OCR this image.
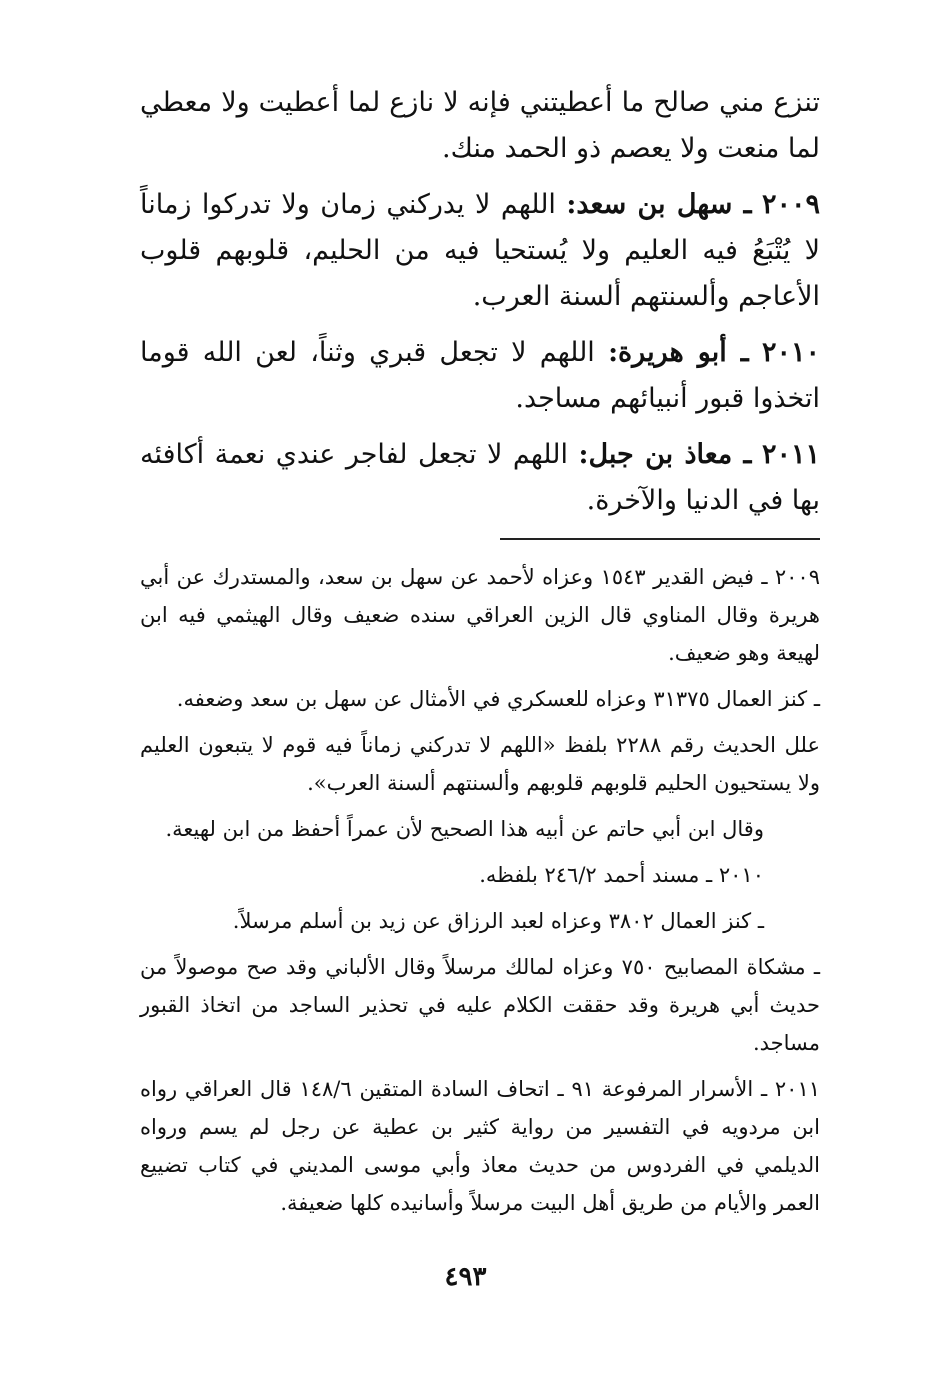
تنزع مني صالح ما أعطيتني فإنه لا نازع لما أعطيت ولا معطي لما منعت ولا يعصم ذو الحمد منك.

٢٠٠٩ ـ سهل بن سعد: اللهم لا يدركني زمان ولا تدركوا زماناً لا يُتْبَعُ فيه العليم ولا يُستحيا فيه من الحليم، قلوبهم قلوب الأعاجم وألسنتهم ألسنة العرب.

٢٠١٠ ـ أبو هريرة: اللهم لا تجعل قبري وثناً، لعن الله قوما اتخذوا قبور أنبيائهم مساجد.

٢٠١١ ـ معاذ بن جبل: اللهم لا تجعل لفاجر عندي نعمة أكافئه بها في الدنيا والآخرة.

٢٠٠٩ ـ فيض القدير ١٥٤٣ وعزاه لأحمد عن سهل بن سعد، والمستدرك عن أبي هريرة وقال المناوي قال الزين العراقي سنده ضعيف وقال الهيثمي فيه ابن لهيعة وهو ضعيف.

ـ كنز العمال ٣١٣٧٥ وعزاه للعسكري في الأمثال عن سهل بن سعد وضعفه.

علل الحديث رقم ٢٢٨٨ بلفظ «اللهم لا تدركني زماناً فيه قوم لا يتبعون العليم ولا يستحيون الحليم قلوبهم قلوبهم وألسنتهم ألسنة العرب».

وقال ابن أبي حاتم عن أبيه هذا الصحيح لأن عمراً أحفظ من ابن لهيعة.

٢٠١٠ ـ مسند أحمد ٢٤٦/٢ بلفظه.

ـ كنز العمال ٣٨٠٢ وعزاه لعبد الرزاق عن زيد بن أسلم مرسلاً.

ـ مشكاة المصابيح ٧٥٠ وعزاه لمالك مرسلاً وقال الألباني وقد صح موصولاً من حديث أبي هريرة وقد حققت الكلام عليه في تحذير الساجد من اتخاذ القبور مساجد.

٢٠١١ ـ الأسرار المرفوعة ٩١ ـ اتحاف السادة المتقين ١٤٨/٦ قال العراقي رواه ابن مردويه في التفسير من رواية كثير بن عطية عن رجل لم يسم ورواه الديلمي في الفردوس من حديث معاذ وأبي موسى المديني في كتاب تضييع العمر والأيام من طريق أهل البيت مرسلاً وأسانيده كلها ضعيفة.

٤٩٣
